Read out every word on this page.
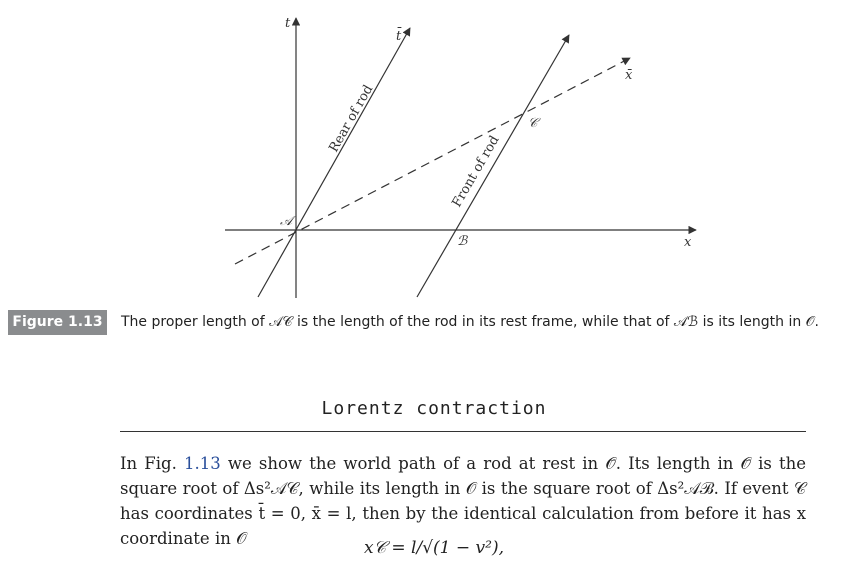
t
t̄
x
x̄
𝒜
ℬ
𝒞
Rear of rod
Front of rod
Figure 1.13	The proper length of 𝒜𝒞 is the length of the rod in its rest frame, while that of 𝒜ℬ is its length in 𝒪.
Lorentz contraction
In Fig. 1.13 we show the world path of a rod at rest in 𝒪̄. Its length in 𝒪̄ is the square root of Δs²𝒜𝒞, while its length in 𝒪 is the square root of Δs²𝒜ℬ. If event 𝒞 has coordinates t̄ = 0, x̄ = l, then by the identical calculation from before it has x coordinate in 𝒪	x𝒞 = l/√(1 − v²),
